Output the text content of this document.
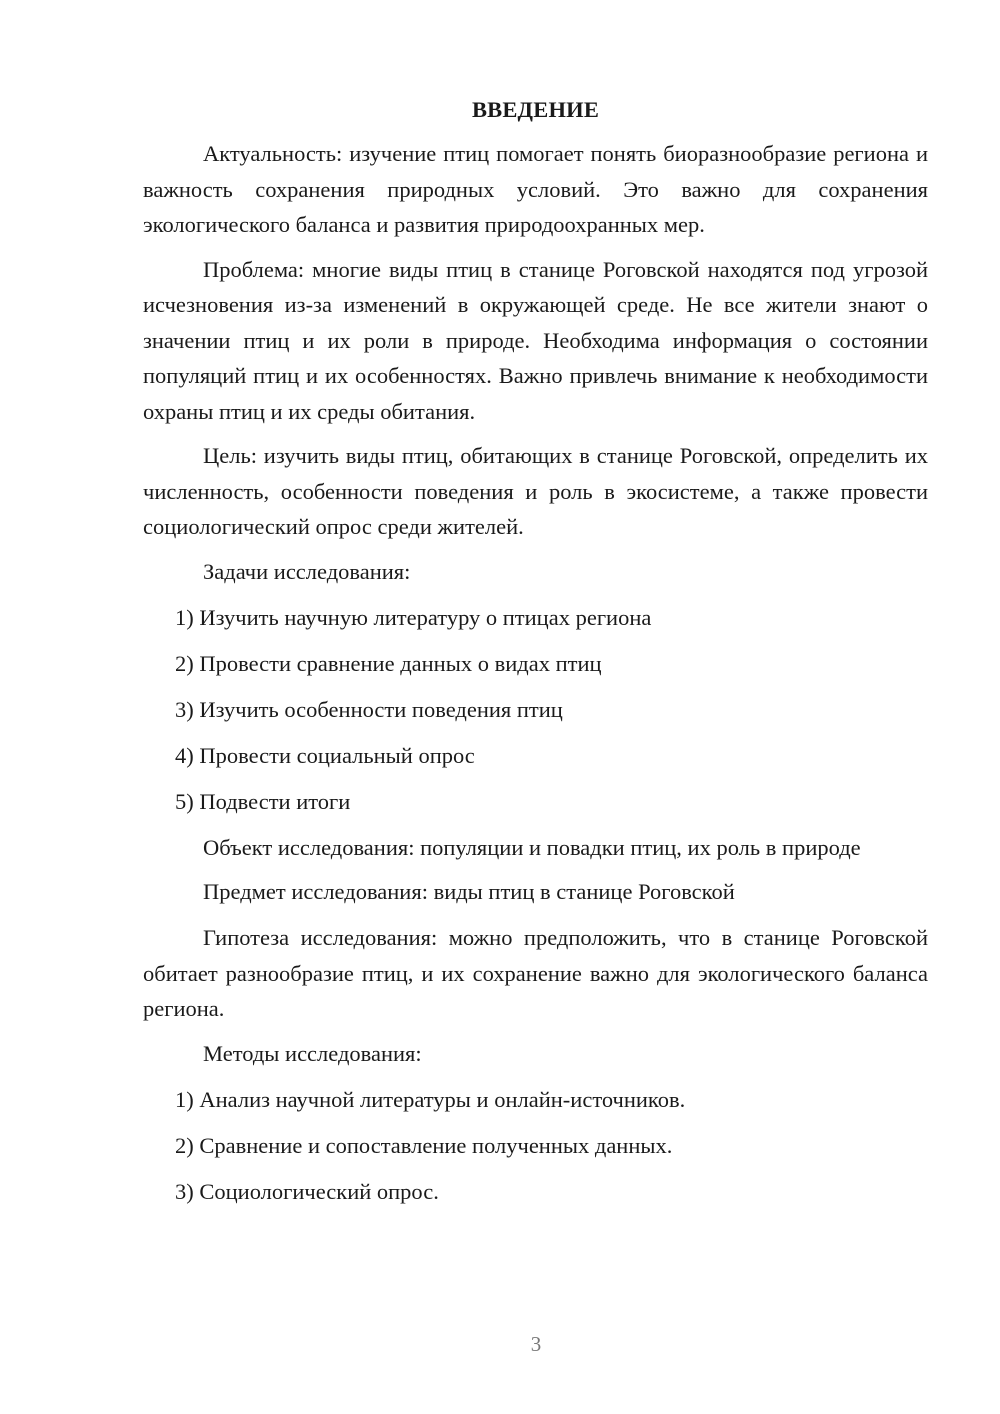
ВВЕДЕНИЕ
Актуальность: изучение птиц помогает понять биоразнообразие региона и важность сохранения природных условий. Это важно для сохранения экологического баланса и развития природоохранных мер.
Проблема: многие виды птиц в станице Роговской находятся под угрозой исчезновения из-за изменений в окружающей среде. Не все жители знают о значении птиц и их роли в природе. Необходима информация о состоянии популяций птиц и их особенностях. Важно привлечь внимание к необходимости охраны птиц и их среды обитания.
Цель: изучить виды птиц, обитающих в станице Роговской, определить их численность, особенности поведения и роль в экосистеме, а также провести социологический опрос среди жителей.
Задачи исследования:
1) Изучить научную литературу о птицах региона
2) Провести сравнение данных о видах птиц
3) Изучить особенности поведения птиц
4) Провести социальный опрос
5) Подвести итоги
Объект исследования: популяции и повадки птиц, их роль в природе
Предмет исследования: виды птиц в станице Роговской
Гипотеза исследования: можно предположить, что в станице Роговской обитает разнообразие птиц, и их сохранение важно для экологического баланса региона.
Методы исследования:
1) Анализ научной литературы и онлайн-источников.
2) Сравнение и сопоставление полученных данных.
3) Социологический опрос.
3
